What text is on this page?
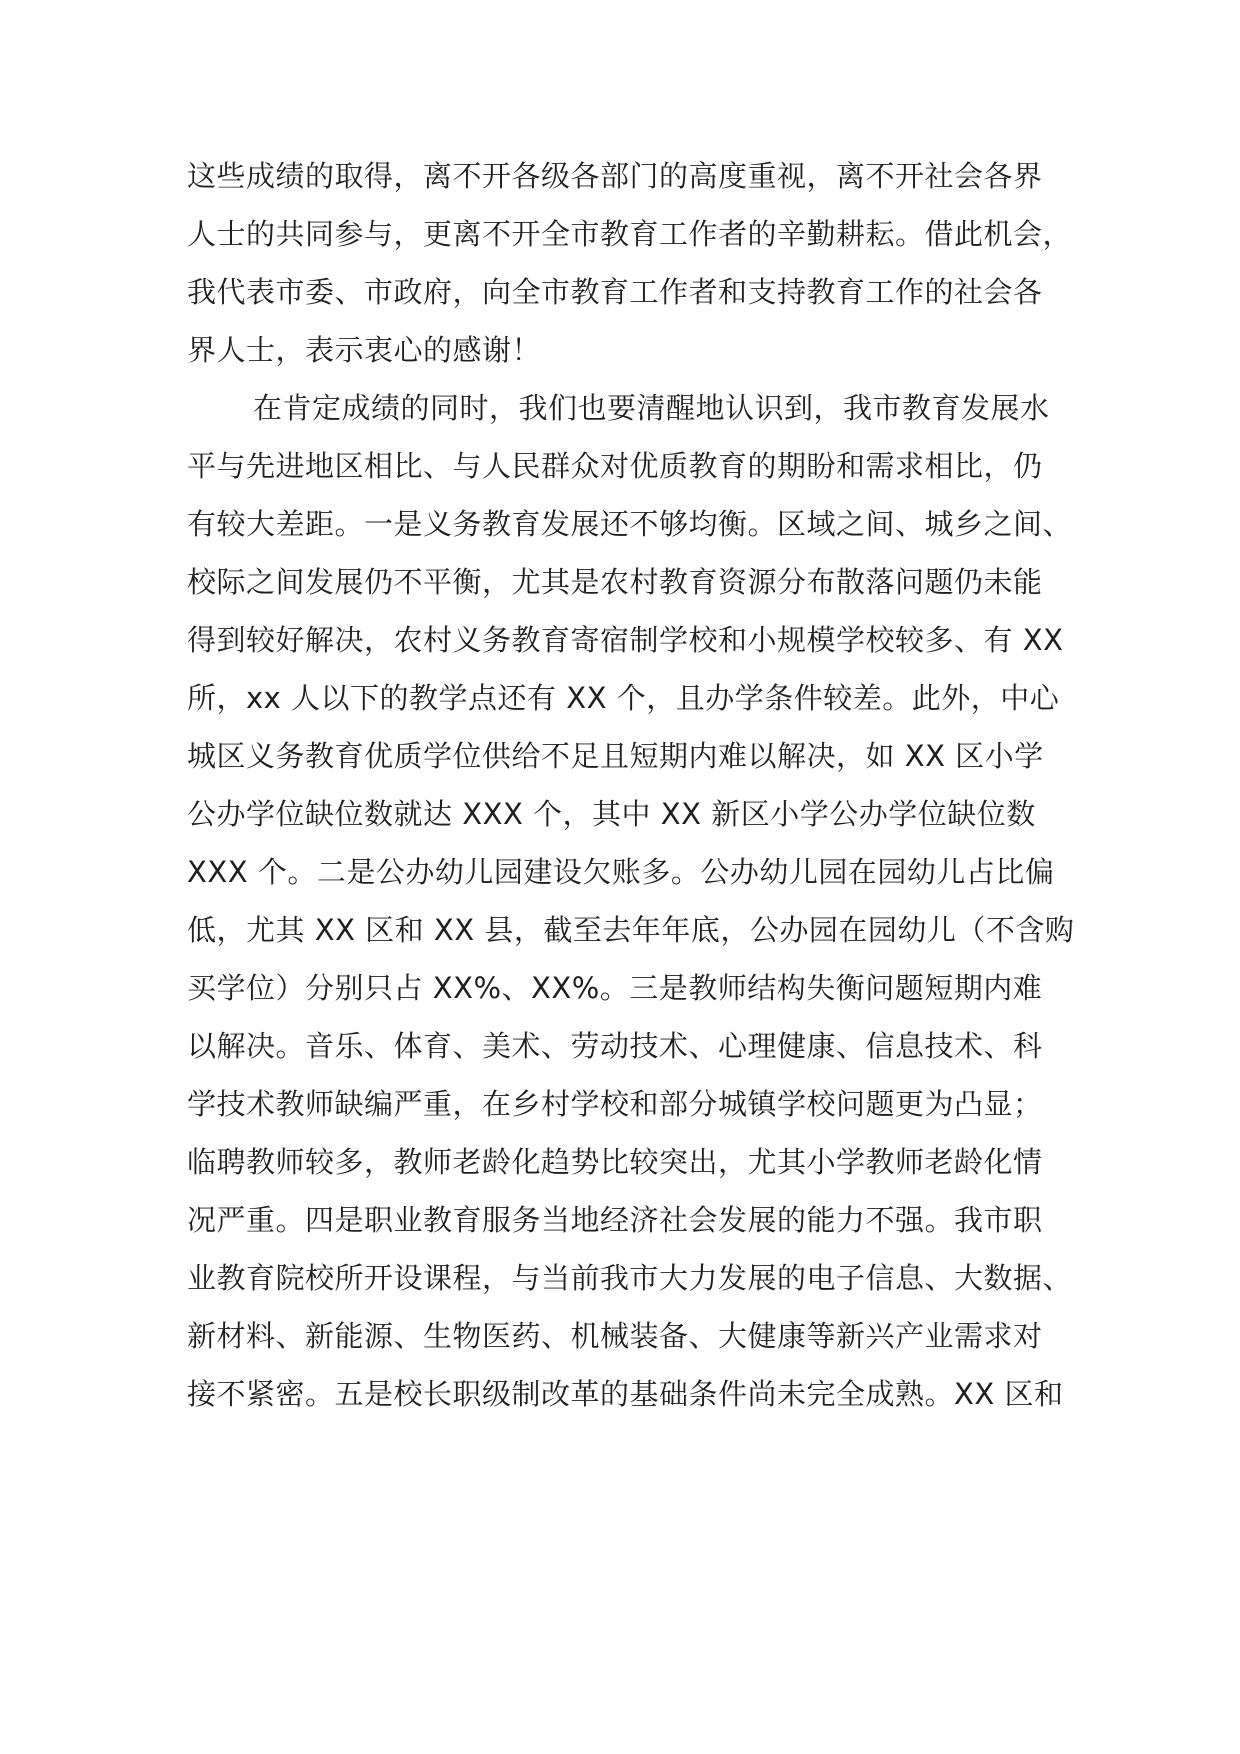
这些成绩的取得，离不开各级各部门的高度重视，离不开社会各界
人士的共同参与，更离不开全市教育工作者的辛勤耕耘。借此机会，
我代表市委、市政府，向全市教育工作者和支持教育工作的社会各
界人士，表示衷心的感谢！
在肯定成绩的同时，我们也要清醒地认识到，我市教育发展水
平与先进地区相比、与人民群众对优质教育的期盼和需求相比，仍
有较大差距。一是义务教育发展还不够均衡。区域之间、城乡之间、
校际之间发展仍不平衡，尤其是农村教育资源分布散落问题仍未能
得到较好解决，农村义务教育寄宿制学校和小规模学校较多、有 XX
所，xx 人以下的教学点还有 XX 个，且办学条件较差。此外，中心
城区义务教育优质学位供给不足且短期内难以解决，如 XX 区小学
公办学位缺位数就达 XXX 个，其中 XX 新区小学公办学位缺位数
XXX 个。二是公办幼儿园建设欠账多。公办幼儿园在园幼儿占比偏
低，尤其 XX 区和 XX 县，截至去年年底，公办园在园幼儿（不含购
买学位）分别只占 XX%、XX%。三是教师结构失衡问题短期内难
以解决。音乐、体育、美术、劳动技术、心理健康、信息技术、科
学技术教师缺编严重，在乡村学校和部分城镇学校问题更为凸显；
临聘教师较多，教师老龄化趋势比较突出，尤其小学教师老龄化情
况严重。四是职业教育服务当地经济社会发展的能力不强。我市职
业教育院校所开设课程，与当前我市大力发展的电子信息、大数据、
新材料、新能源、生物医药、机械装备、大健康等新兴产业需求对
接不紧密。五是校长职级制改革的基础条件尚未完全成熟。XX 区和
